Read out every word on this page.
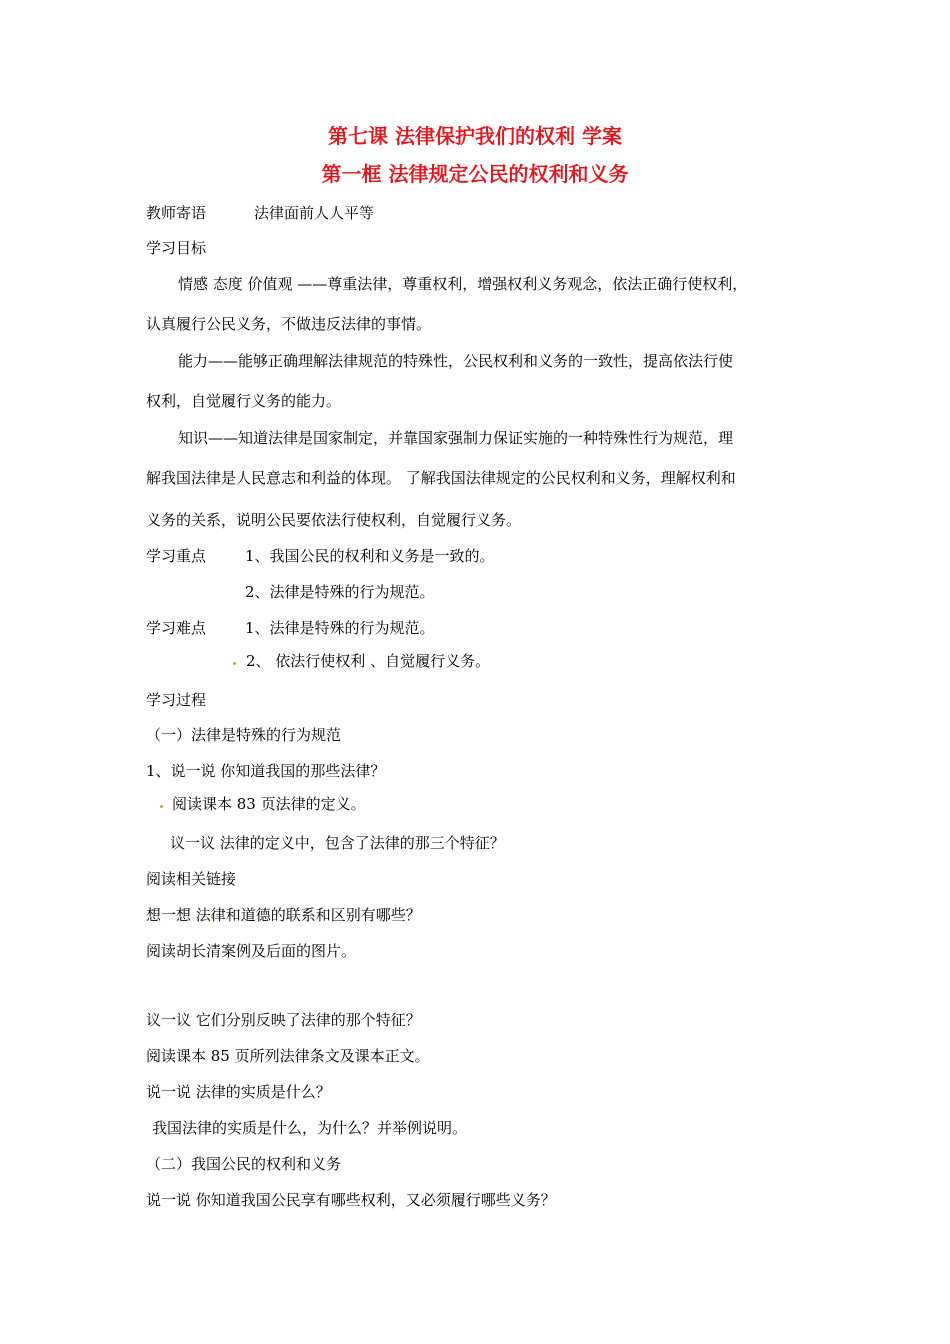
第七课 法律保护我们的权利 学案
第一框 法律规定公民的权利和义务
教师寄语	法律面前人人平等
学习目标
情感 态度 价值观 ——尊重法律，尊重权利，增强权利义务观念，依法正确行使权利，
认真履行公民义务，不做违反法律的事情。
能力——能够正确理解法律规范的特殊性，公民权利和义务的一致性，提高依法行使
权利，自觉履行义务的能力。
知识——知道法律是国家制定，并靠国家强制力保证实施的一种特殊性行为规范，理
解我国法律是人民意志和利益的体现。 了解我国法律规定的公民权利和义务，理解权利和
义务的关系，说明公民要依法行使权利，自觉履行义务。
学习重点	1、我国公民的权利和义务是一致的。
2、法律是特殊的行为规范。
学习难点	1、法律是特殊的行为规范。
2、 依法行使权利 、自觉履行义务。
学习过程
（一）法律是特殊的行为规范
1、说一说 你知道我国的那些法律？
阅读课本 83 页法律的定义。
议一议 法律的定义中，包含了法律的那三个特征？
阅读相关链接
想一想 法律和道德的联系和区别有哪些？
阅读胡长清案例及后面的图片。
议一议 它们分别反映了法律的那个特征？
阅读课本 85 页所列法律条文及课本正文。
说一说 法律的实质是什么？
我国法律的实质是什么，为什么？并举例说明。
（二）我国公民的权利和义务
说一说 你知道我国公民享有哪些权利，又必须履行哪些义务？
